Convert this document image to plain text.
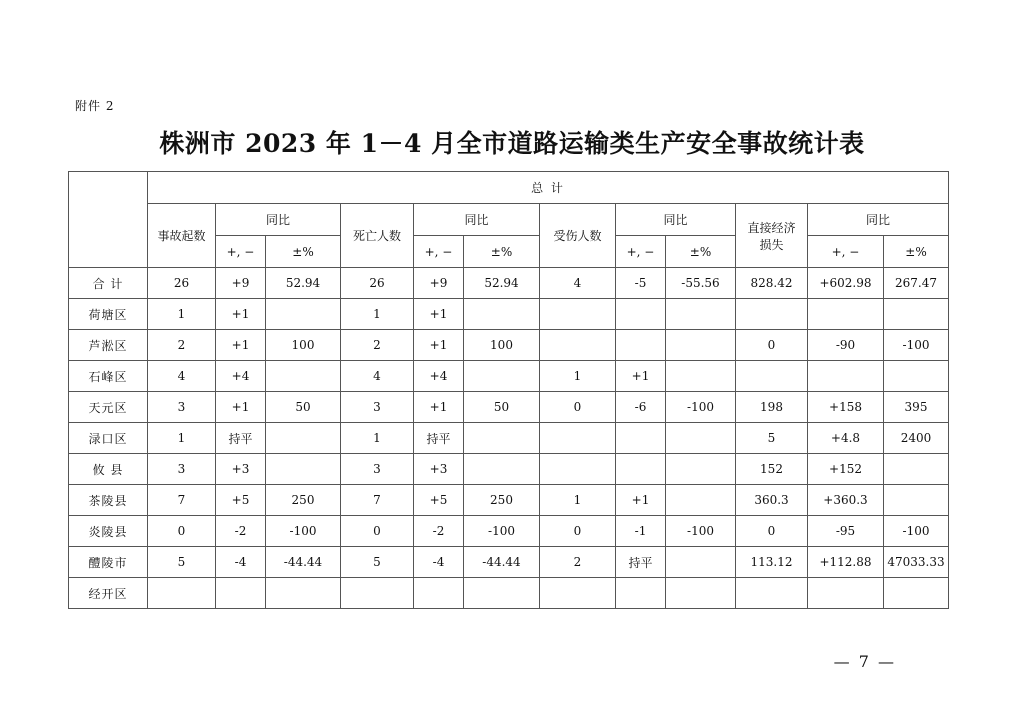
附件 2
株洲市 2023 年 1－4 月全市道路运输类生产安全事故统计表
	总 计											
	事故起数	同比		死亡人数	同比		受伤人数	同比		直接经济
损失	同比	
		+, −	±%		+, −	±%		+, −	±%		+, −	±%
合 计	26	+9	52.94	26	+9	52.94	4	-5	-55.56	828.42	+602.98	267.47
荷塘区	1	+1		1	+1							
芦淞区	2	+1	100	2	+1	100				0	-90	-100
石峰区	4	+4		4	+4		1	+1				
天元区	3	+1	50	3	+1	50	0	-6	-100	198	+158	395
渌口区	1	持平		1	持平					5	+4.8	2400
攸 县	3	+3		3	+3					152	+152	
茶陵县	7	+5	250	7	+5	250	1	+1		360.3	+360.3	
炎陵县	0	-2	-100	0	-2	-100	0	-1	-100	0	-95	-100
醴陵市	5	-4	-44.44	5	-4	-44.44	2	持平		113.12	+112.88	47033.33
经开区												
— 7 —
